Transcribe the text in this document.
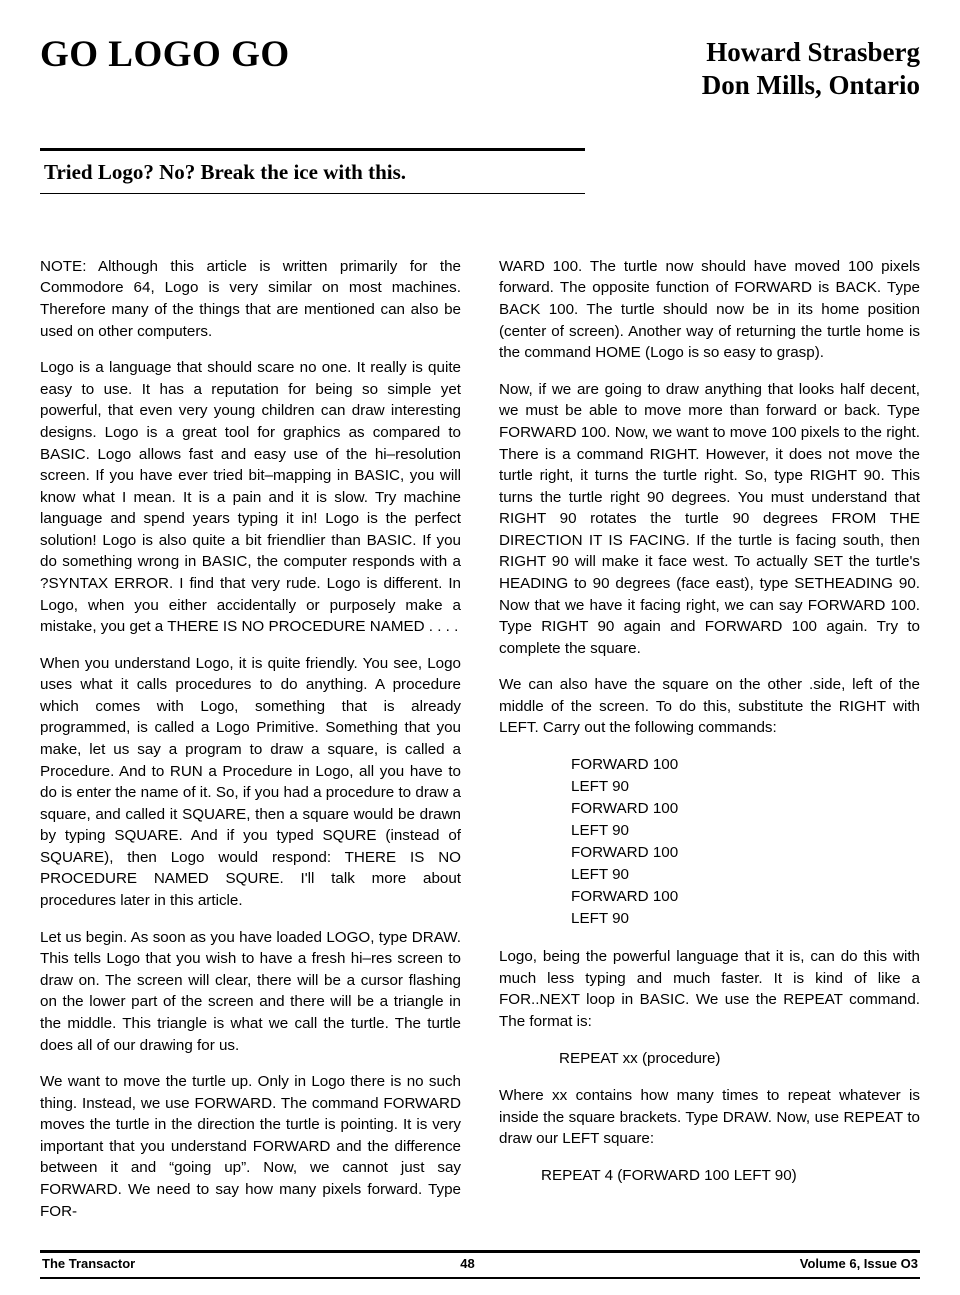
GO LOGO GO	Howard Strasberg
Don Mills, Ontario
Tried Logo? No? Break the ice with this.

NOTE: Although this article is written primarily for the Commodore 64, Logo is very similar on most machines. Therefore many of the things that are mentioned can also be used on other computers.

Logo is a language that should scare no one. It really is quite easy to use. It has a reputation for being so simple yet powerful, that even very young children can draw interesting designs. Logo is a great tool for graphics as compared to BASIC. Logo allows fast and easy use of the hi–resolution screen. If you have ever tried bit–mapping in BASIC, you will know what I mean. It is a pain and it is slow. Try machine language and spend years typing it in! Logo is the perfect solution! Logo is also quite a bit friendlier than BASIC. If you do something wrong in BASIC, the computer responds with a ?SYNTAX ERROR. I find that very rude. Logo is different. In Logo, when you either accidentally or purposely make a mistake, you get a THERE IS NO PROCEDURE NAMED . . . .

When you understand Logo, it is quite friendly. You see, Logo uses what it calls procedures to do anything. A procedure which comes with Logo, something that is already programmed, is called a Logo Primitive. Something that you make, let us say a program to draw a square, is called a Procedure. And to RUN a Procedure in Logo, all you have to do is enter the name of it. So, if you had a procedure to draw a square, and called it SQUARE, then a square would be drawn by typing SQUARE. And if you typed SQURE (instead of SQUARE), then Logo would respond: THERE IS NO PROCEDURE NAMED SQURE. I'll talk more about procedures later in this article.

Let us begin. As soon as you have loaded LOGO, type DRAW. This tells Logo that you wish to have a fresh hi–res screen to draw on. The screen will clear, there will be a cursor flashing on the lower part of the screen and there will be a triangle in the middle. This triangle is what we call the turtle. The turtle does all of our drawing for us.

We want to move the turtle up. Only in Logo there is no such thing. Instead, we use FORWARD. The command FORWARD moves the turtle in the direction the turtle is pointing. It is very important that you understand FORWARD and the difference between it and “going up”. Now, we cannot just say FORWARD. We need to say how many pixels forward. Type FOR-

WARD 100. The turtle now should have moved 100 pixels forward. The opposite function of FORWARD is BACK. Type BACK 100. The turtle should now be in its home position (center of screen). Another way of returning the turtle home is the command HOME (Logo is so easy to grasp).

Now, if we are going to draw anything that looks half decent, we must be able to move more than forward or back. Type FORWARD 100. Now, we want to move 100 pixels to the right. There is a command RIGHT. However, it does not move the turtle right, it turns the turtle right. So, type RIGHT 90. This turns the turtle right 90 degrees. You must understand that RIGHT 90 rotates the turtle 90 degrees FROM THE DIRECTION IT IS FACING. If the turtle is facing south, then RIGHT 90 will make it face west. To actually SET the turtle's HEADING to 90 degrees (face east), type SETHEADING 90. Now that we have it facing right, we can say FORWARD 100. Type RIGHT 90 again and FORWARD 100 again. Try to complete the square.

We can also have the square on the other .side, left of the middle of the screen. To do this, substitute the RIGHT with LEFT. Carry out the following commands:

FORWARD 100
LEFT 90
FORWARD 100
LEFT 90
FORWARD 100
LEFT 90
FORWARD 100
LEFT 90

Logo, being the powerful language that it is, can do this with much less typing and much faster. It is kind of like a FOR..NEXT loop in BASIC. We use the REPEAT command. The format is:

REPEAT xx (procedure)

Where xx contains how many times to repeat whatever is inside the square brackets. Type DRAW. Now, use REPEAT to draw our LEFT square:

REPEAT 4 (FORWARD 100 LEFT 90)
The Transactor	48	Volume 6, Issue O3
